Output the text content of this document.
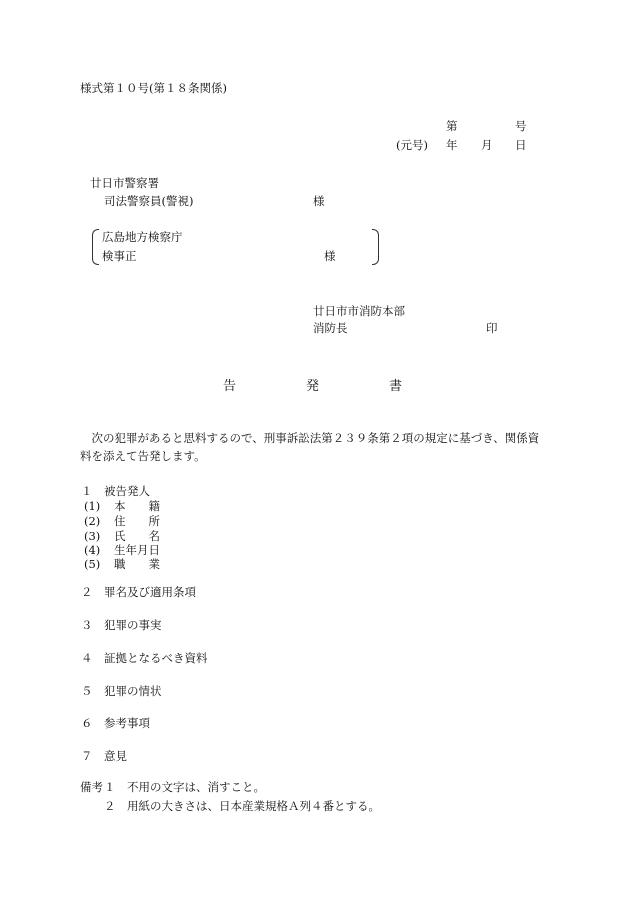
様式第１０号(第１８条関係)
第	号
(元号) 年 月 日
廿日市警察署
司法警察員(警視)	様
広島地方検察庁
検事正	様
廿日市市消防本部
消防長	印
告	発	書
　次の犯罪があると思料するので、刑事訴訟法第２３９条第２項の規定に基づき、関係資
料を添えて告発します。
１ 被告発人
(1) 本　　籍
(2) 住　　所
(3) 氏　　名
(4) 生年月日
(5) 職　　業
２ 罪名及び適用条項
３ 犯罪の事実
４ 証拠となるべき資料
５ 犯罪の情状
６ 参考事項
７ 意見
備考 １ 不用の文字は、消すこと。
２ 用紙の大きさは、日本産業規格Ａ列４番とする。
